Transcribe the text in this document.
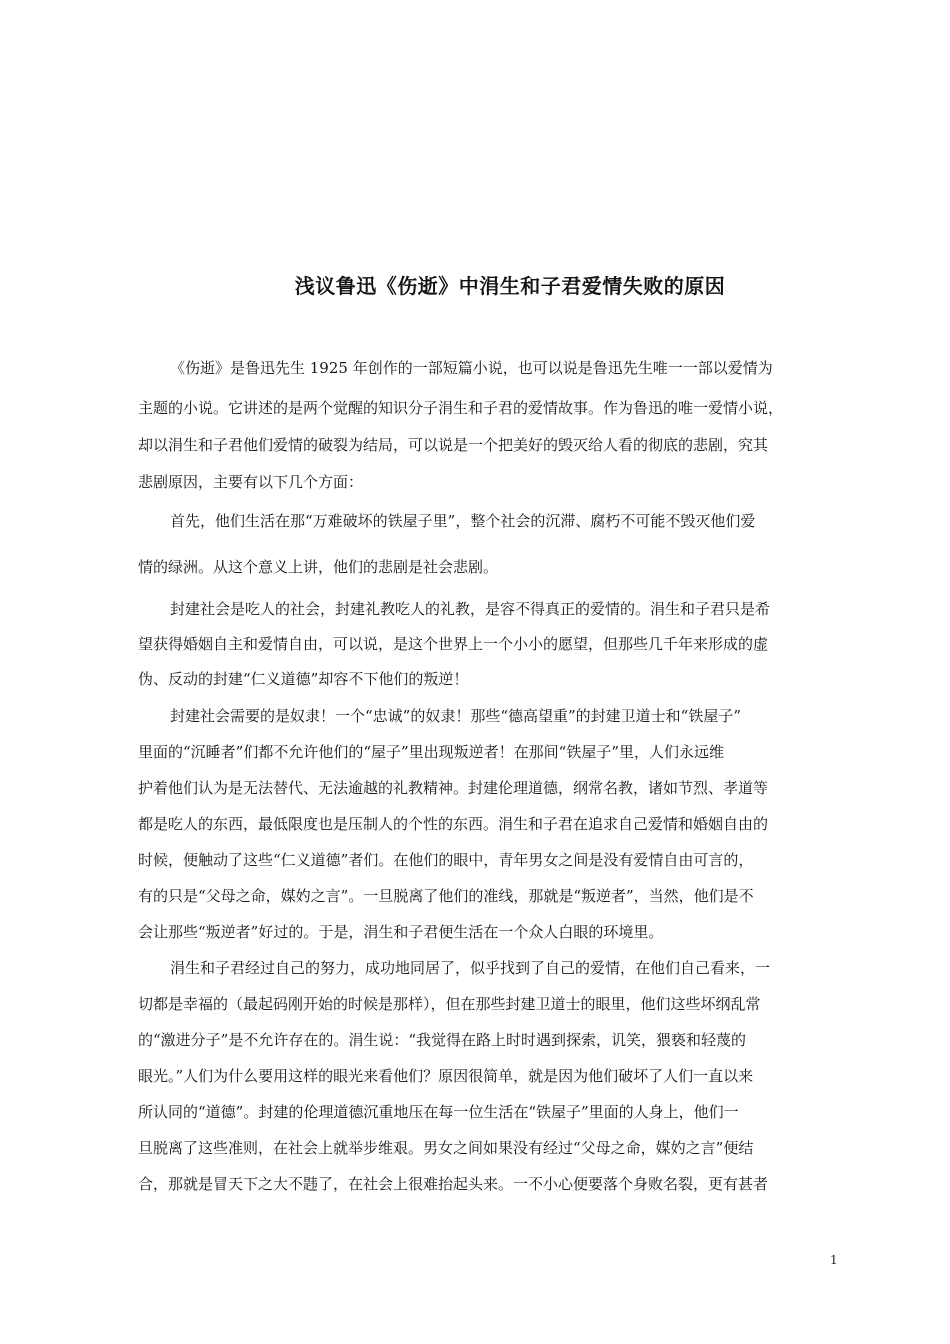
浅议鲁迅《伤逝》中涓生和子君爱情失败的原因

《伤逝》是鲁迅先生 1925 年创作的一部短篇小说，也可以说是鲁迅先生唯一一部以爱情为

主题的小说。它讲述的是两个觉醒的知识分子涓生和子君的爱情故事。作为鲁迅的唯一爱情小说，

却以涓生和子君他们爱情的破裂为结局，可以说是一个把美好的毁灭给人看的彻底的悲剧，究其

悲剧原因，主要有以下几个方面：

首先，他们生活在那“万难破坏的铁屋子里”，整个社会的沉滞、腐朽不可能不毁灭他们爱

情的绿洲。从这个意义上讲，他们的悲剧是社会悲剧。

封建社会是吃人的社会，封建礼教吃人的礼教，是容不得真正的爱情的。涓生和子君只是希

望获得婚姻自主和爱情自由，可以说，是这个世界上一个小小的愿望，但那些几千年来形成的虚

伪、反动的封建“仁义道德”却容不下他们的叛逆！

封建社会需要的是奴隶！一个“忠诚”的奴隶！那些“德高望重”的封建卫道士和“铁屋子”

里面的“沉睡者”们都不允许他们的“屋子”里出现叛逆者！在那间“铁屋子”里，人们永远维

护着他们认为是无法替代、无法逾越的礼教精神。封建伦理道德，纲常名教，诸如节烈、孝道等

都是吃人的东西，最低限度也是压制人的个性的东西。涓生和子君在追求自己爱情和婚姻自由的

时候，便触动了这些“仁义道德”者们。在他们的眼中，青年男女之间是没有爱情自由可言的，

有的只是“父母之命，媒妁之言”。一旦脱离了他们的准线，那就是“叛逆者”，当然，他们是不

会让那些“叛逆者”好过的。于是，涓生和子君便生活在一个众人白眼的环境里。

涓生和子君经过自己的努力，成功地同居了，似乎找到了自己的爱情，在他们自己看来，一

切都是幸福的（最起码刚开始的时候是那样），但在那些封建卫道士的眼里，他们这些坏纲乱常

的“激进分子”是不允许存在的。涓生说：“我觉得在路上时时遇到探索，讥笑，猥亵和轻蔑的

眼光。”人们为什么要用这样的眼光来看他们？原因很简单，就是因为他们破坏了人们一直以来

所认同的“道德”。封建的伦理道德沉重地压在每一位生活在“铁屋子”里面的人身上，他们一

旦脱离了这些准则，在社会上就举步维艰。男女之间如果没有经过“父母之命，媒妁之言”便结

合，那就是冒天下之大不韪了，在社会上很难抬起头来。一不小心便要落个身败名裂，更有甚者

1
